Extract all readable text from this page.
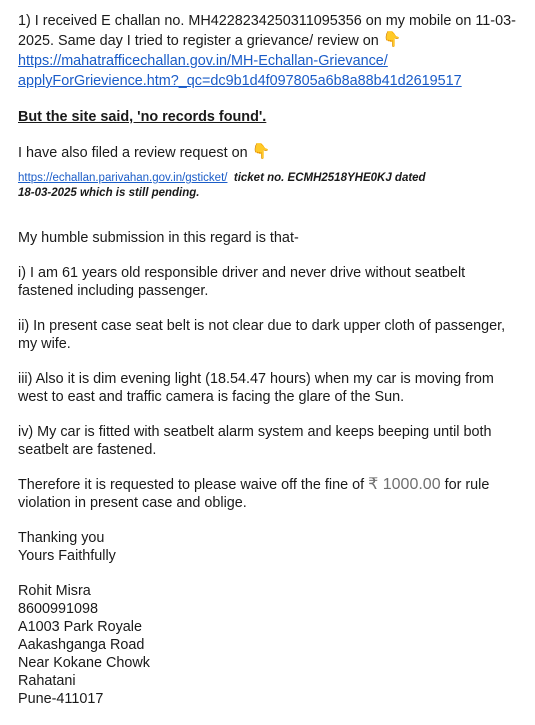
1) I received E challan no. MH4228234250311095356 on my mobile on 11-03-2025. Same day I tried to register a grievance/ review on 👇
https://mahatrafficechallan.gov.in/MH-Echallan-Grievance/
applyForGrievience.htm?_qc=dc9b1d4f097805a6b8a88b41d2619517

But the site said, 'no records found'.

I have also filed a review request on 👇

https://echallan.parivahan.gov.in/gsticket/ ticket no. ECMH2518YHE0KJ dated
18-03-2025 which is still pending.

My humble submission in this regard is that-

i) I am 61 years old responsible driver and never drive without seatbelt fastened including passenger.

ii) In present case seat belt is not clear due to dark upper cloth of passenger, my wife.

iii) Also it is dim evening light (18.54.47 hours) when my car is moving from west to east and traffic camera is facing the glare of the Sun.

iv) My car is fitted with seatbelt alarm system and keeps beeping until both seatbelt are fastened.

Therefore it is requested to please waive off the fine of ₹ 1000.00 for rule violation in present case and oblige.

Thanking you
Yours Faithfully

Rohit Misra
8600991098
A1003 Park Royale
Aakashganga Road
Near Kokane Chowk
Rahatani
Pune-411017
